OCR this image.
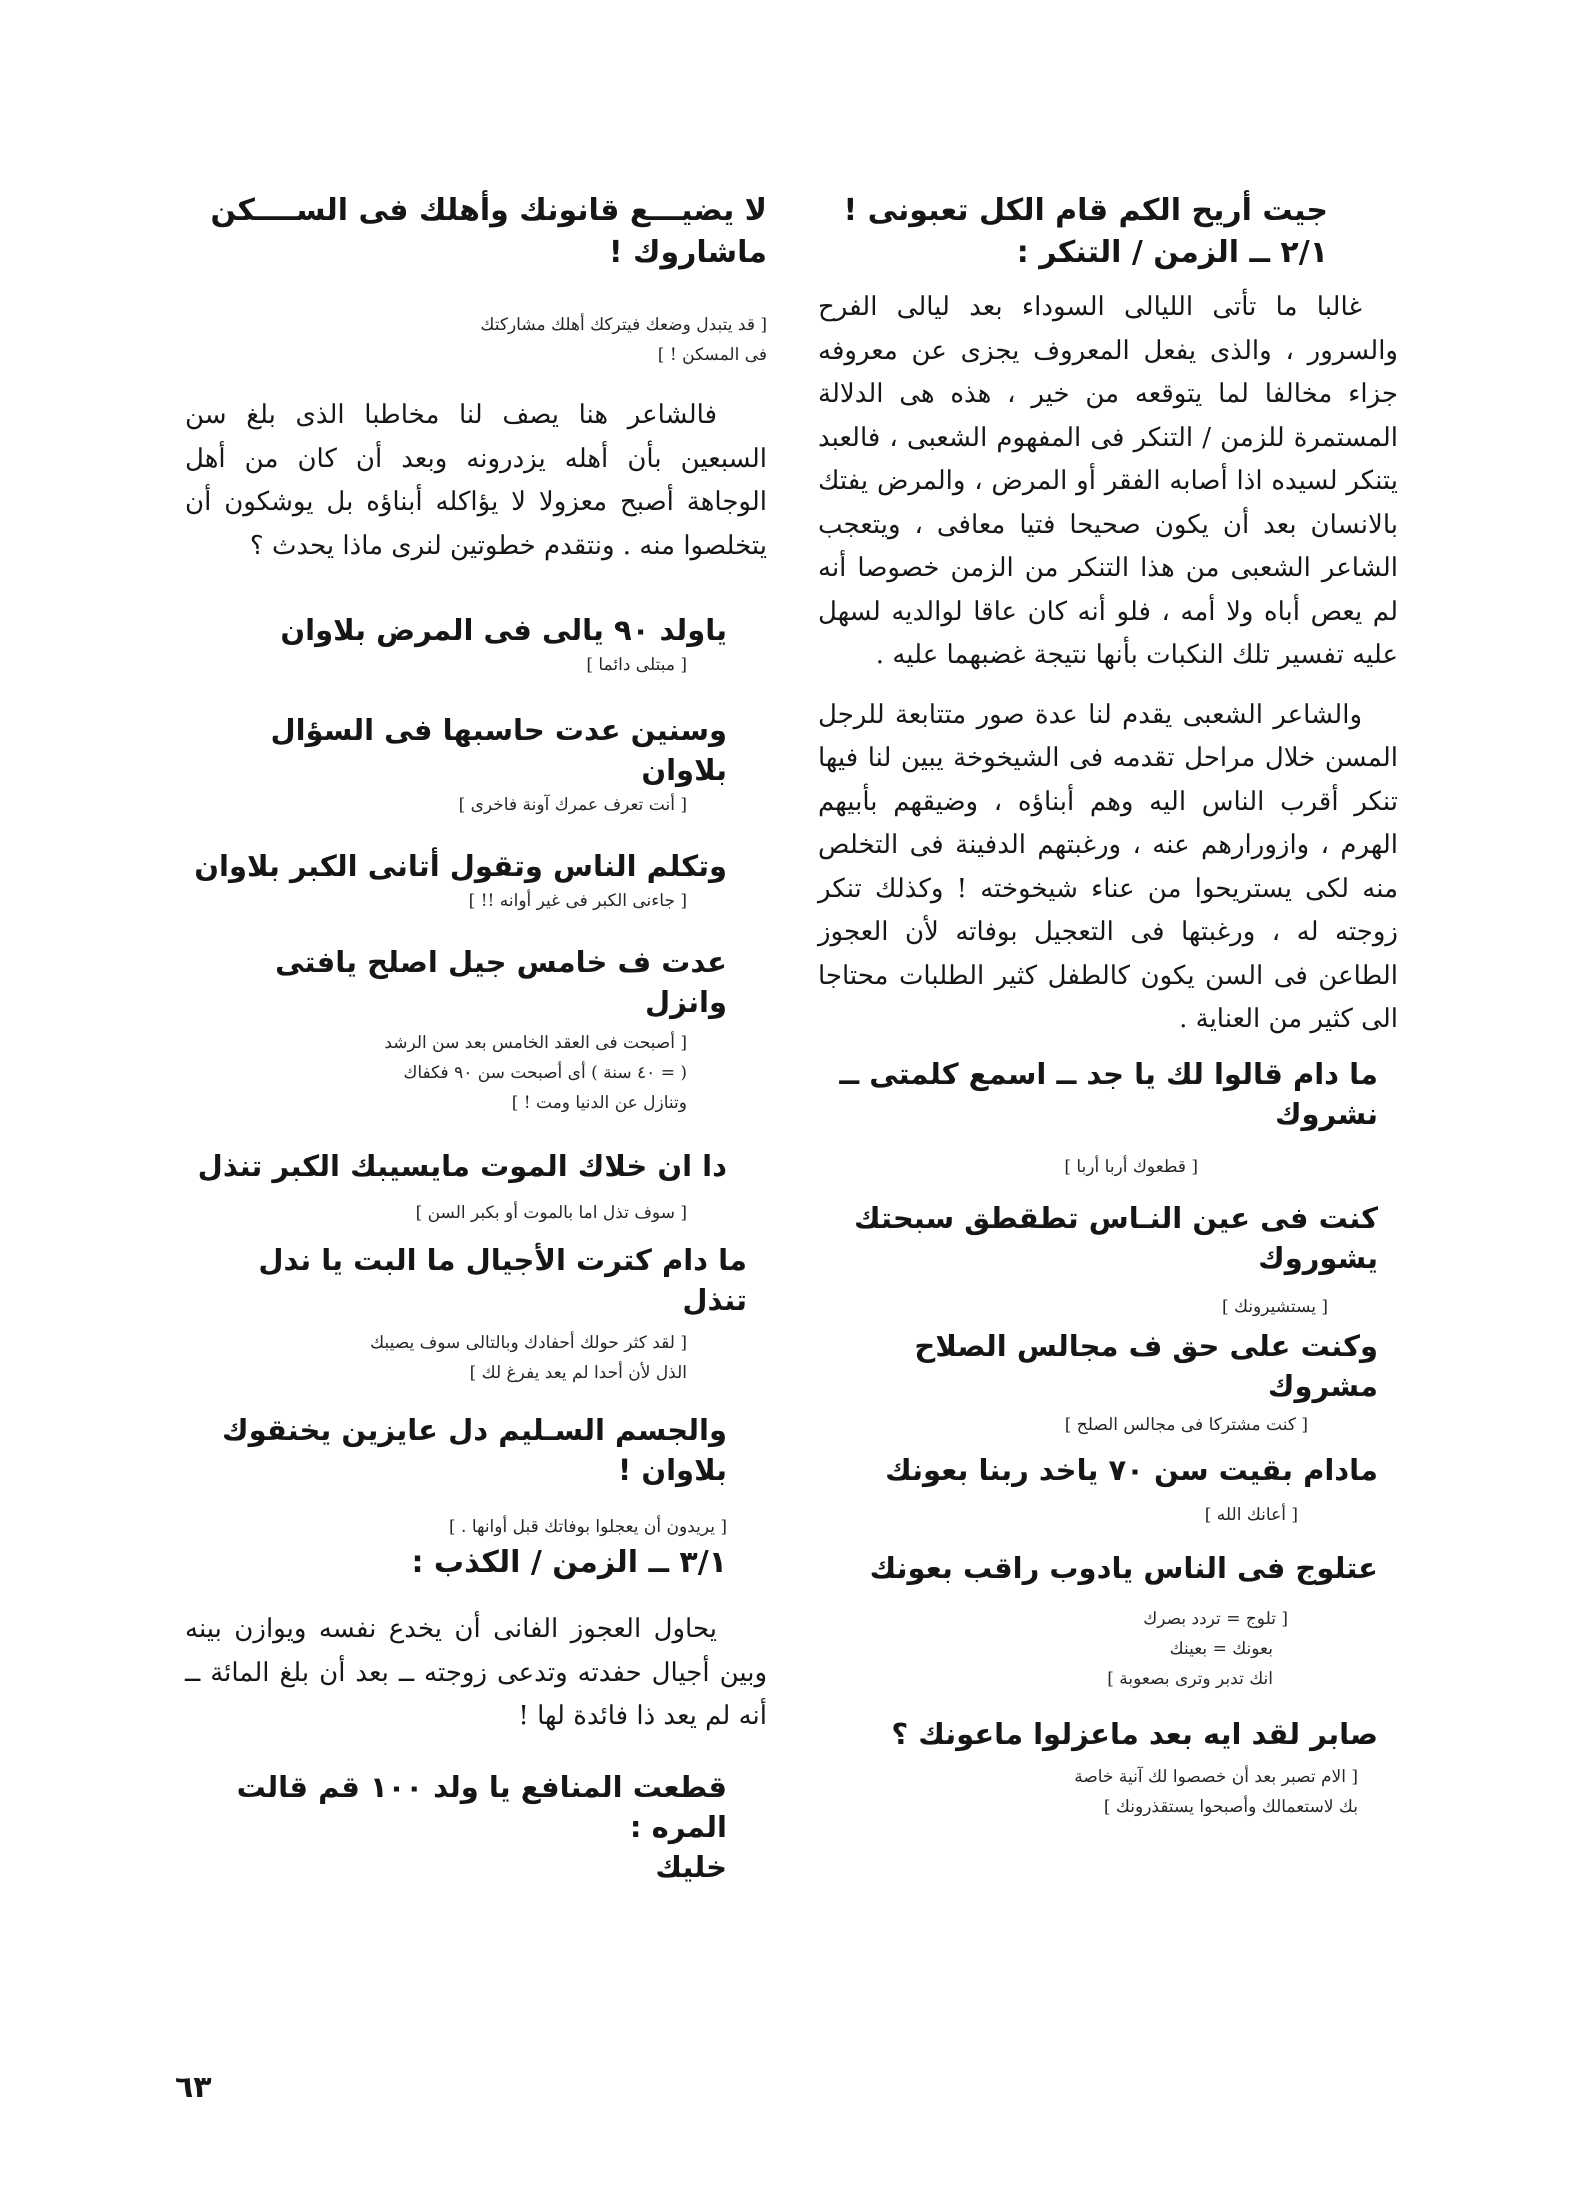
جيت أريح الكم قام الكل تعبونى !

٢/١ ــ الزمن / التنكر :

غالبا ما تأتى الليالى السوداء بعد ليالى الفرح والسرور ، والذى يفعل المعروف يجزى عن معروفه جزاء مخالفا لما يتوقعه من خير ، هذه هى الدلالة المستمرة للزمن / التنكر فى المفهوم الشعبى ، فالعبد يتنكر لسيده اذا أصابه الفقر أو المرض ، والمرض يفتك بالانسان بعد أن يكون صحيحا فتيا معافى ، ويتعجب الشاعر الشعبى من هذا التنكر من الزمن خصوصا أنه لم يعص أباه ولا أمه ، فلو أنه كان عاقا لوالديه لسهل عليه تفسير تلك النكبات بأنها نتيجة غضبهما عليه .

والشاعر الشعبى يقدم لنا عدة صور متتابعة للرجل المسن خلال مراحل تقدمه فى الشيخوخة يبين لنا فيها تنكر أقرب الناس اليه وهم أبناؤه ، وضيقهم بأبيهم الهرم ، وازورارهم عنه ، ورغبتهم الدفينة فى التخلص منه لكى يستريحوا من عناء شيخوخته ! وكذلك تنكر زوجته له ، ورغبتها فى التعجيل بوفاته لأن العجوز الطاعن فى السن يكون كالطفل كثير الطلبات محتاجا الى كثير من العناية .

ما دام قالوا لك يا جد ــ اسمع كلمتى ــ

نشروك

[ قطعوك أربا أربا ]

كنت فى عين النـاس تطقطق سبحتك

يشوروك

[ يستشيرونك ]

وكنت على حق ف مجالس الصلاح مشروك

[ كنت مشتركا فى مجالس الصلح ]

مادام بقيت سن ٧٠ ياخد ربنا بعونك

[ أعانك الله ]

عتلوج فى الناس يادوب راقب بعونك

[ تلوج = تردد بصرك

بعونك = بعينك

انك تدبر وترى بصعوبة ]

صابر لقد ايه بعد ماعزلوا ماعونك ؟

[ الام تصبر بعد أن خصصوا لك آنية خاصة

بك لاستعمالك وأصبحوا يستقذرونك ]

لا يضيـــع قانونك وأهلك فى الســــكن

ماشاروك !

[ قد يتبدل وضعك فيتركك أهلك مشاركتك

فى المسكن ! ]

فالشاعر هنا يصف لنا مخاطبا الذى بلغ سن السبعين بأن أهله يزدرونه وبعد أن كان من أهل الوجاهة أصبح معزولا لا يؤاكله أبناؤه بل يوشكون أن يتخلصوا منه . ونتقدم خطوتين لنرى ماذا يحدث ؟

ياولد ٩٠ يالى فى المرض بلاوان

[ مبتلى دائما ]

وسنين عدت حاسبها فى السؤال بلاوان

[ أنت تعرف عمرك آونة فاخرى ]

وتكلم الناس وتقول أتانى الكبر بلاوان

[ جاءنى الكبر فى غير أوانه !! ]

عدت ف خامس جيل اصلح يافتى وانزل

[ أصبحت فى العقد الخامس بعد سن الرشد

( = ٤٠ سنة ) أى أصبحت سن ٩٠ فكفاك

وتنازل عن الدنيا ومت ! ]

دا ان خلاك الموت مايسيبك الكبر تنذل

[ سوف تذل اما بالموت أو بكبر السن ]

ما دام كترت الأجيال ما البت يا ندل تنذل

[ لقد كثر حولك أحفادك وبالتالى سوف يصيبك

الذل لأن أحدا لم يعد يفرغ لك ]

والجسم السـليم دل عايزين يخنقوك

بلاوان !

[ يريدون أن يعجلوا بوفاتك قبل أوانها . ]

٣/١ ــ الزمن / الكذب :

يحاول العجوز الفانى أن يخدع نفسه ويوازن بينه وبين أجيال حفدته وتدعى زوجته ــ بعد أن بلغ المائة ــ أنه لم يعد ذا فائدة لها !

قطعت المنافع يا ولد ١٠٠ قم قالت المره :

خليك

٦٣
